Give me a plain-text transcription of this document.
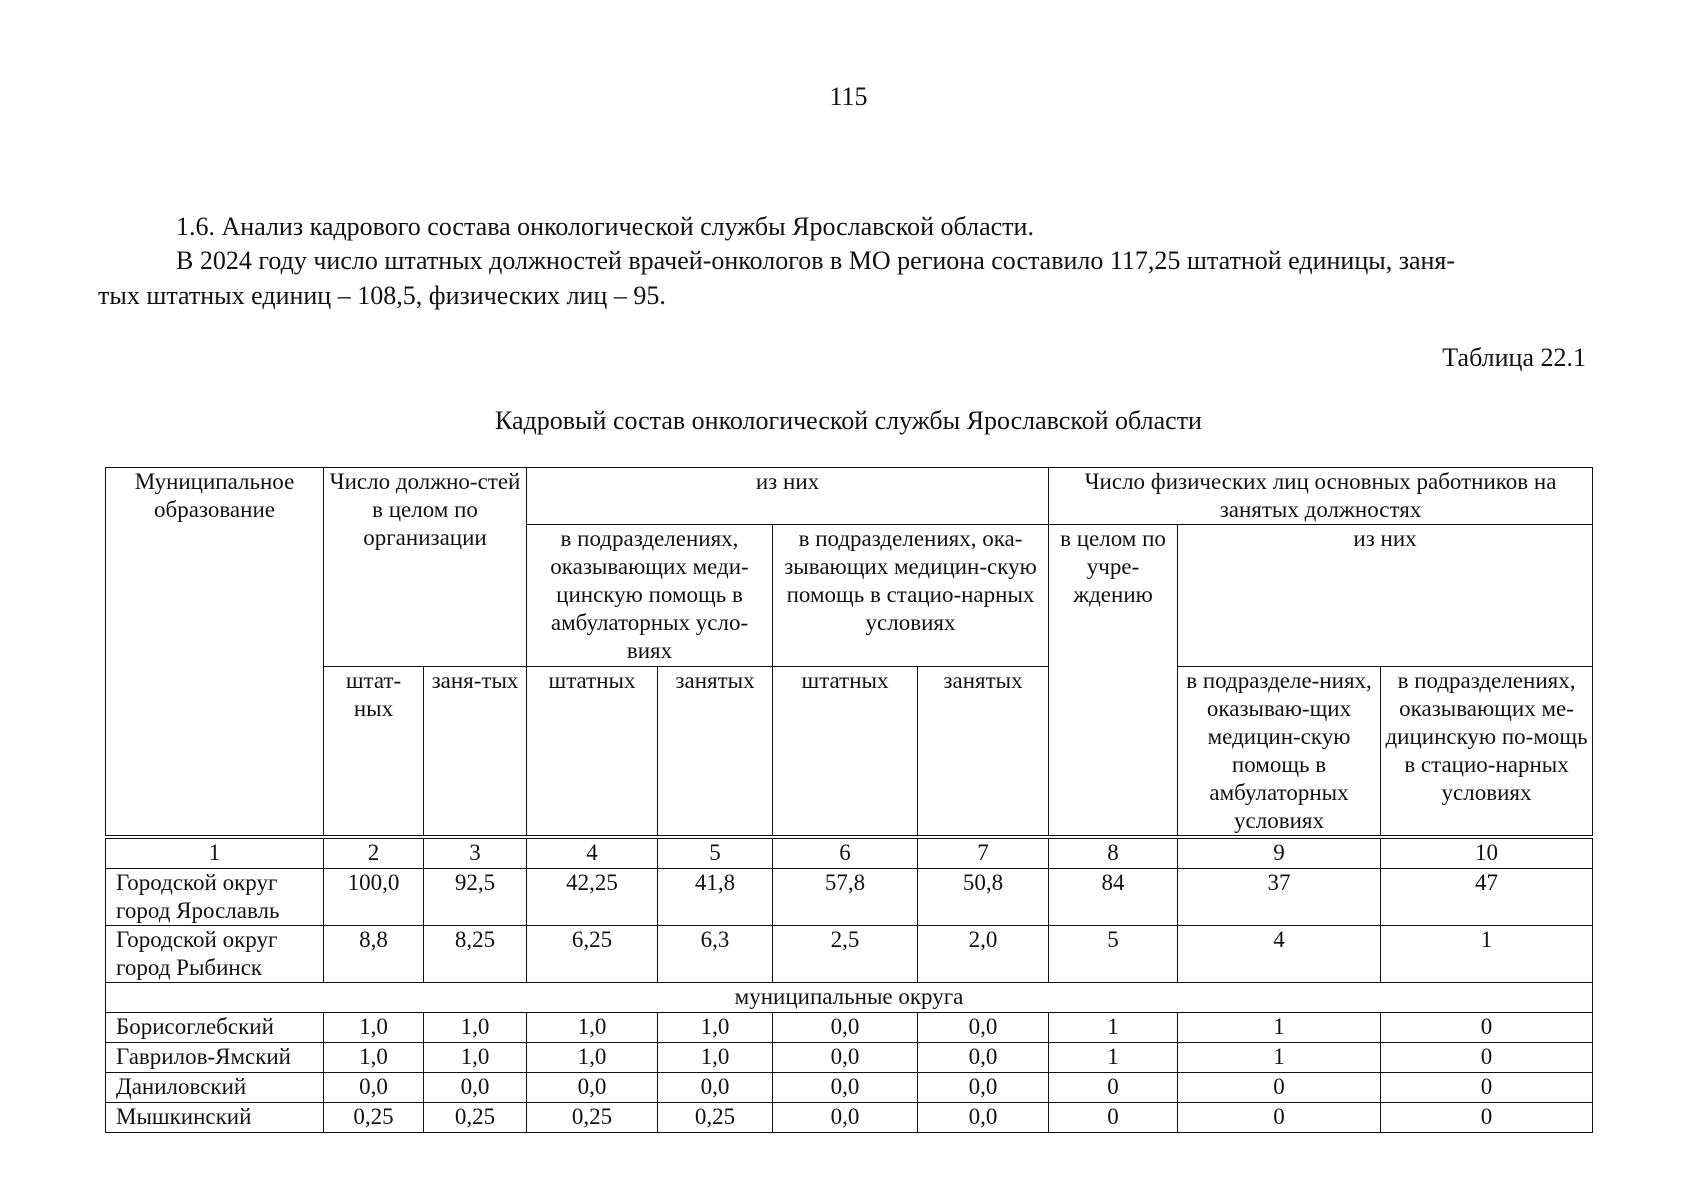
115
1.6. Анализ кадрового состава онкологической службы Ярославской области.
В 2024 году число штатных должностей врачей-онкологов в МО региона составило 117,25 штатной единицы, заня-
тых штатных единиц – 108,5, физических лиц – 95.
Таблица 22.1
Кадровый состав онкологической службы Ярославской области
Муниципальное образование	Число должно-стей в целом по организации		из них				Число физических лиц основных работников на занятых должностях		
			в подразделениях, оказывающих меди-цинскую помощь в амбулаторных усло-виях		в подразделениях, ока-зывающих медицин-скую помощь в стацио-нарных условиях		в целом по учре-ждению	из них	
	штат-ных	заня-тых	штатных	занятых	штатных	занятых		в подразделе-ниях, оказываю-щих медицин-скую помощь в амбулаторных условиях	в подразделениях, оказывающих ме-дицинскую по-мощь в стацио-нарных условиях
1	2	3	4	5	6	7	8	9	10
Городской округ город Ярославль	100,0	92,5	42,25	41,8	57,8	50,8	84	37	47
Городской округ город Рыбинск	8,8	8,25	6,25	6,3	2,5	2,0	5	4	1
муниципальные округа									
Борисоглебский	1,0	1,0	1,0	1,0	0,0	0,0	1	1	0
Гаврилов-Ямский	1,0	1,0	1,0	1,0	0,0	0,0	1	1	0
Даниловский	0,0	0,0	0,0	0,0	0,0	0,0	0	0	0
Мышкинский	0,25	0,25	0,25	0,25	0,0	0,0	0	0	0
